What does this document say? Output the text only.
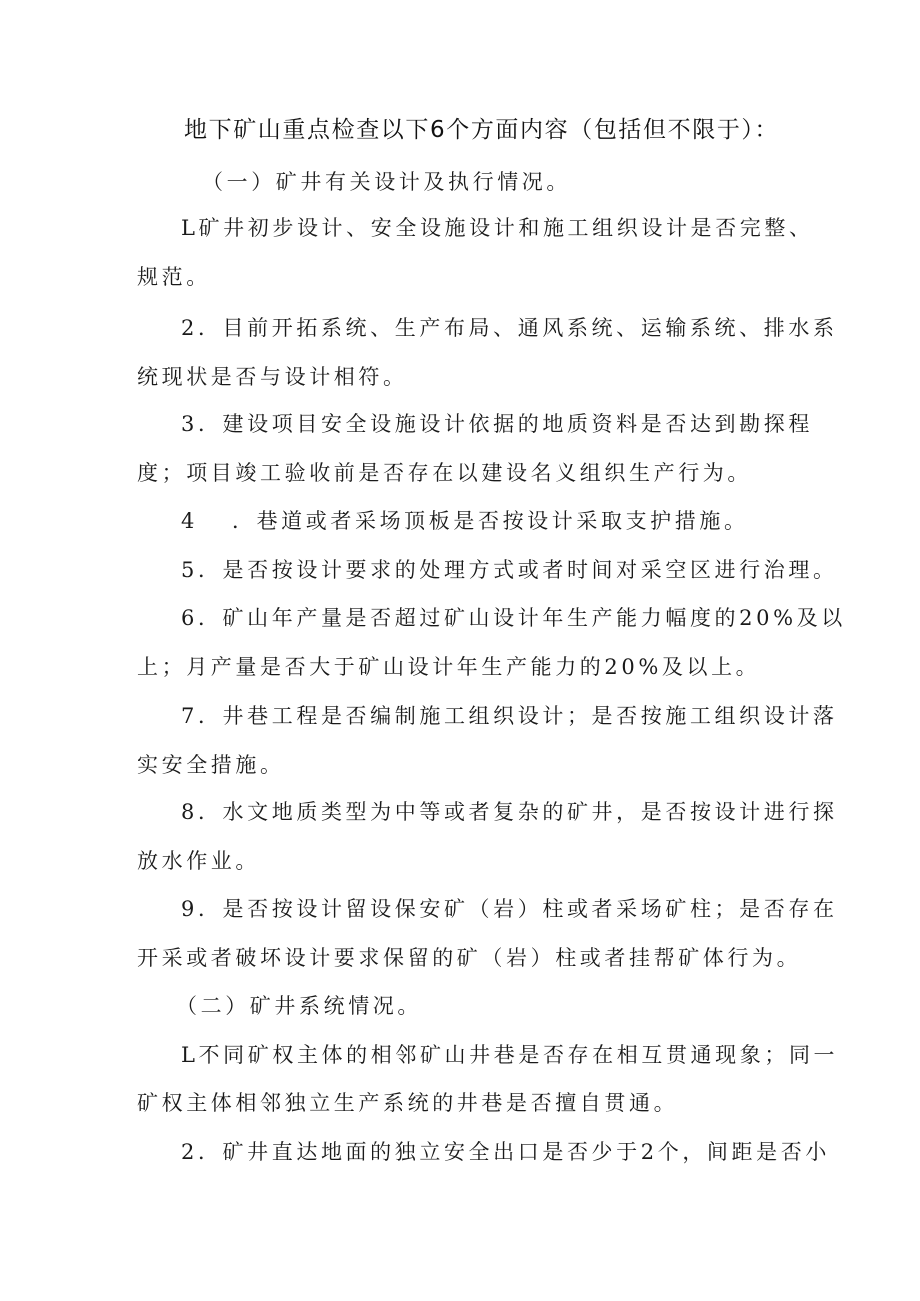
地下矿山重点检查以下6个方面内容（包括但不限于）：
（一）矿井有关设计及执行情况。
L矿井初步设计、安全设施设计和施工组织设计是否完整、
规范。
2．目前开拓系统、生产布局、通风系统、运输系统、排水系
统现状是否与设计相符。
3．建设项目安全设施设计依据的地质资料是否达到勘探程
度；项目竣工验收前是否存在以建设名义组织生产行为。
4 ．巷道或者采场顶板是否按设计采取支护措施。
5．是否按设计要求的处理方式或者时间对采空区进行治理。
6．矿山年产量是否超过矿山设计年生产能力幅度的20%及以
上；月产量是否大于矿山设计年生产能力的20%及以上。
7．井巷工程是否编制施工组织设计；是否按施工组织设计落
实安全措施。
8．水文地质类型为中等或者复杂的矿井，是否按设计进行探
放水作业。
9．是否按设计留设保安矿（岩）柱或者采场矿柱；是否存在
开采或者破坏设计要求保留的矿（岩）柱或者挂帮矿体行为。
（二）矿井系统情况。
L不同矿权主体的相邻矿山井巷是否存在相互贯通现象；同一
矿权主体相邻独立生产系统的井巷是否擅自贯通。
2．矿井直达地面的独立安全出口是否少于2个，间距是否小
